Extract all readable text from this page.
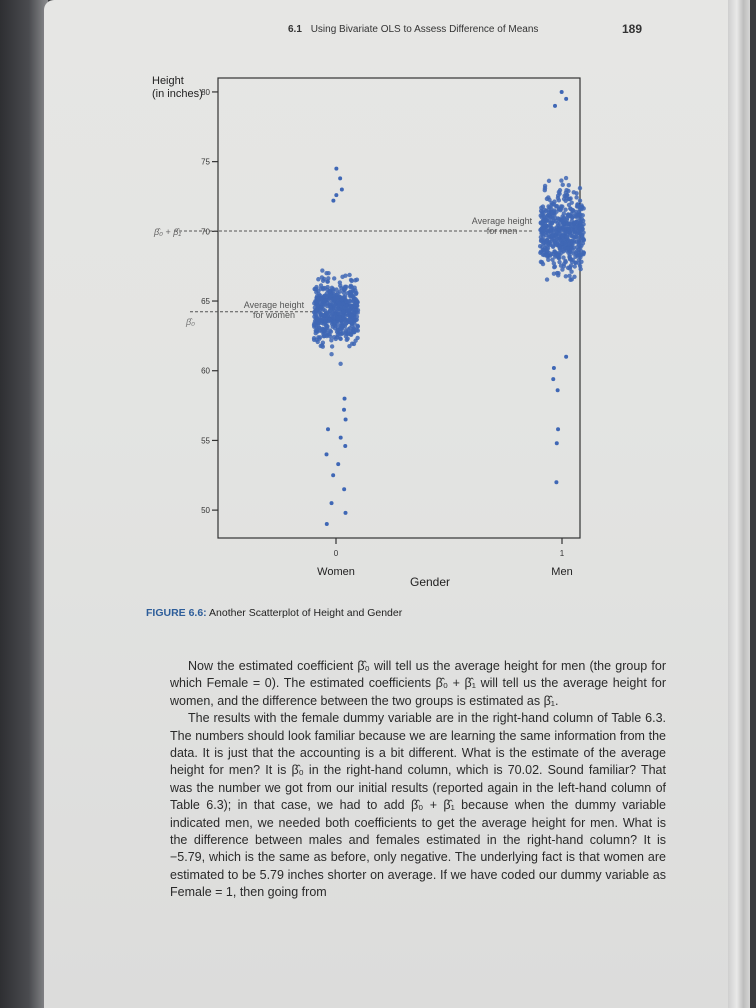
6.1 Using Bivariate OLS to Assess Difference of Means	189
Height
(in inches)
50
55
60
65
70
75
80
0
Women
1
Men
Gender
β̂₀ + β̂₁
β̂₀
Average height
for men
Average height
for women
FIGURE 6.6: Another Scatterplot of Height and Gender

Now the estimated coefficient β̂₀ will tell us the average height for men (the group for which Female = 0). The estimated coefficients β̂₀ + β̂₁ will tell us the average height for women, and the difference between the two groups is estimated as β̂₁.

The results with the female dummy variable are in the right-hand column of Table 6.3. The numbers should look familiar because we are learning the same information from the data. It is just that the accounting is a bit different. What is the estimate of the average height for men? It is β̂₀ in the right-hand column, which is 70.02. Sound familiar? That was the number we got from our initial results (reported again in the left-hand column of Table 6.3); in that case, we had to add β̂₀ + β̂₁ because when the dummy variable indicated men, we needed both coefficients to get the average height for men. What is the difference between males and females estimated in the right-hand column? It is −5.79, which is the same as before, only negative. The underlying fact is that women are estimated to be 5.79 inches shorter on average. If we have coded our dummy variable as Female = 1, then going from
